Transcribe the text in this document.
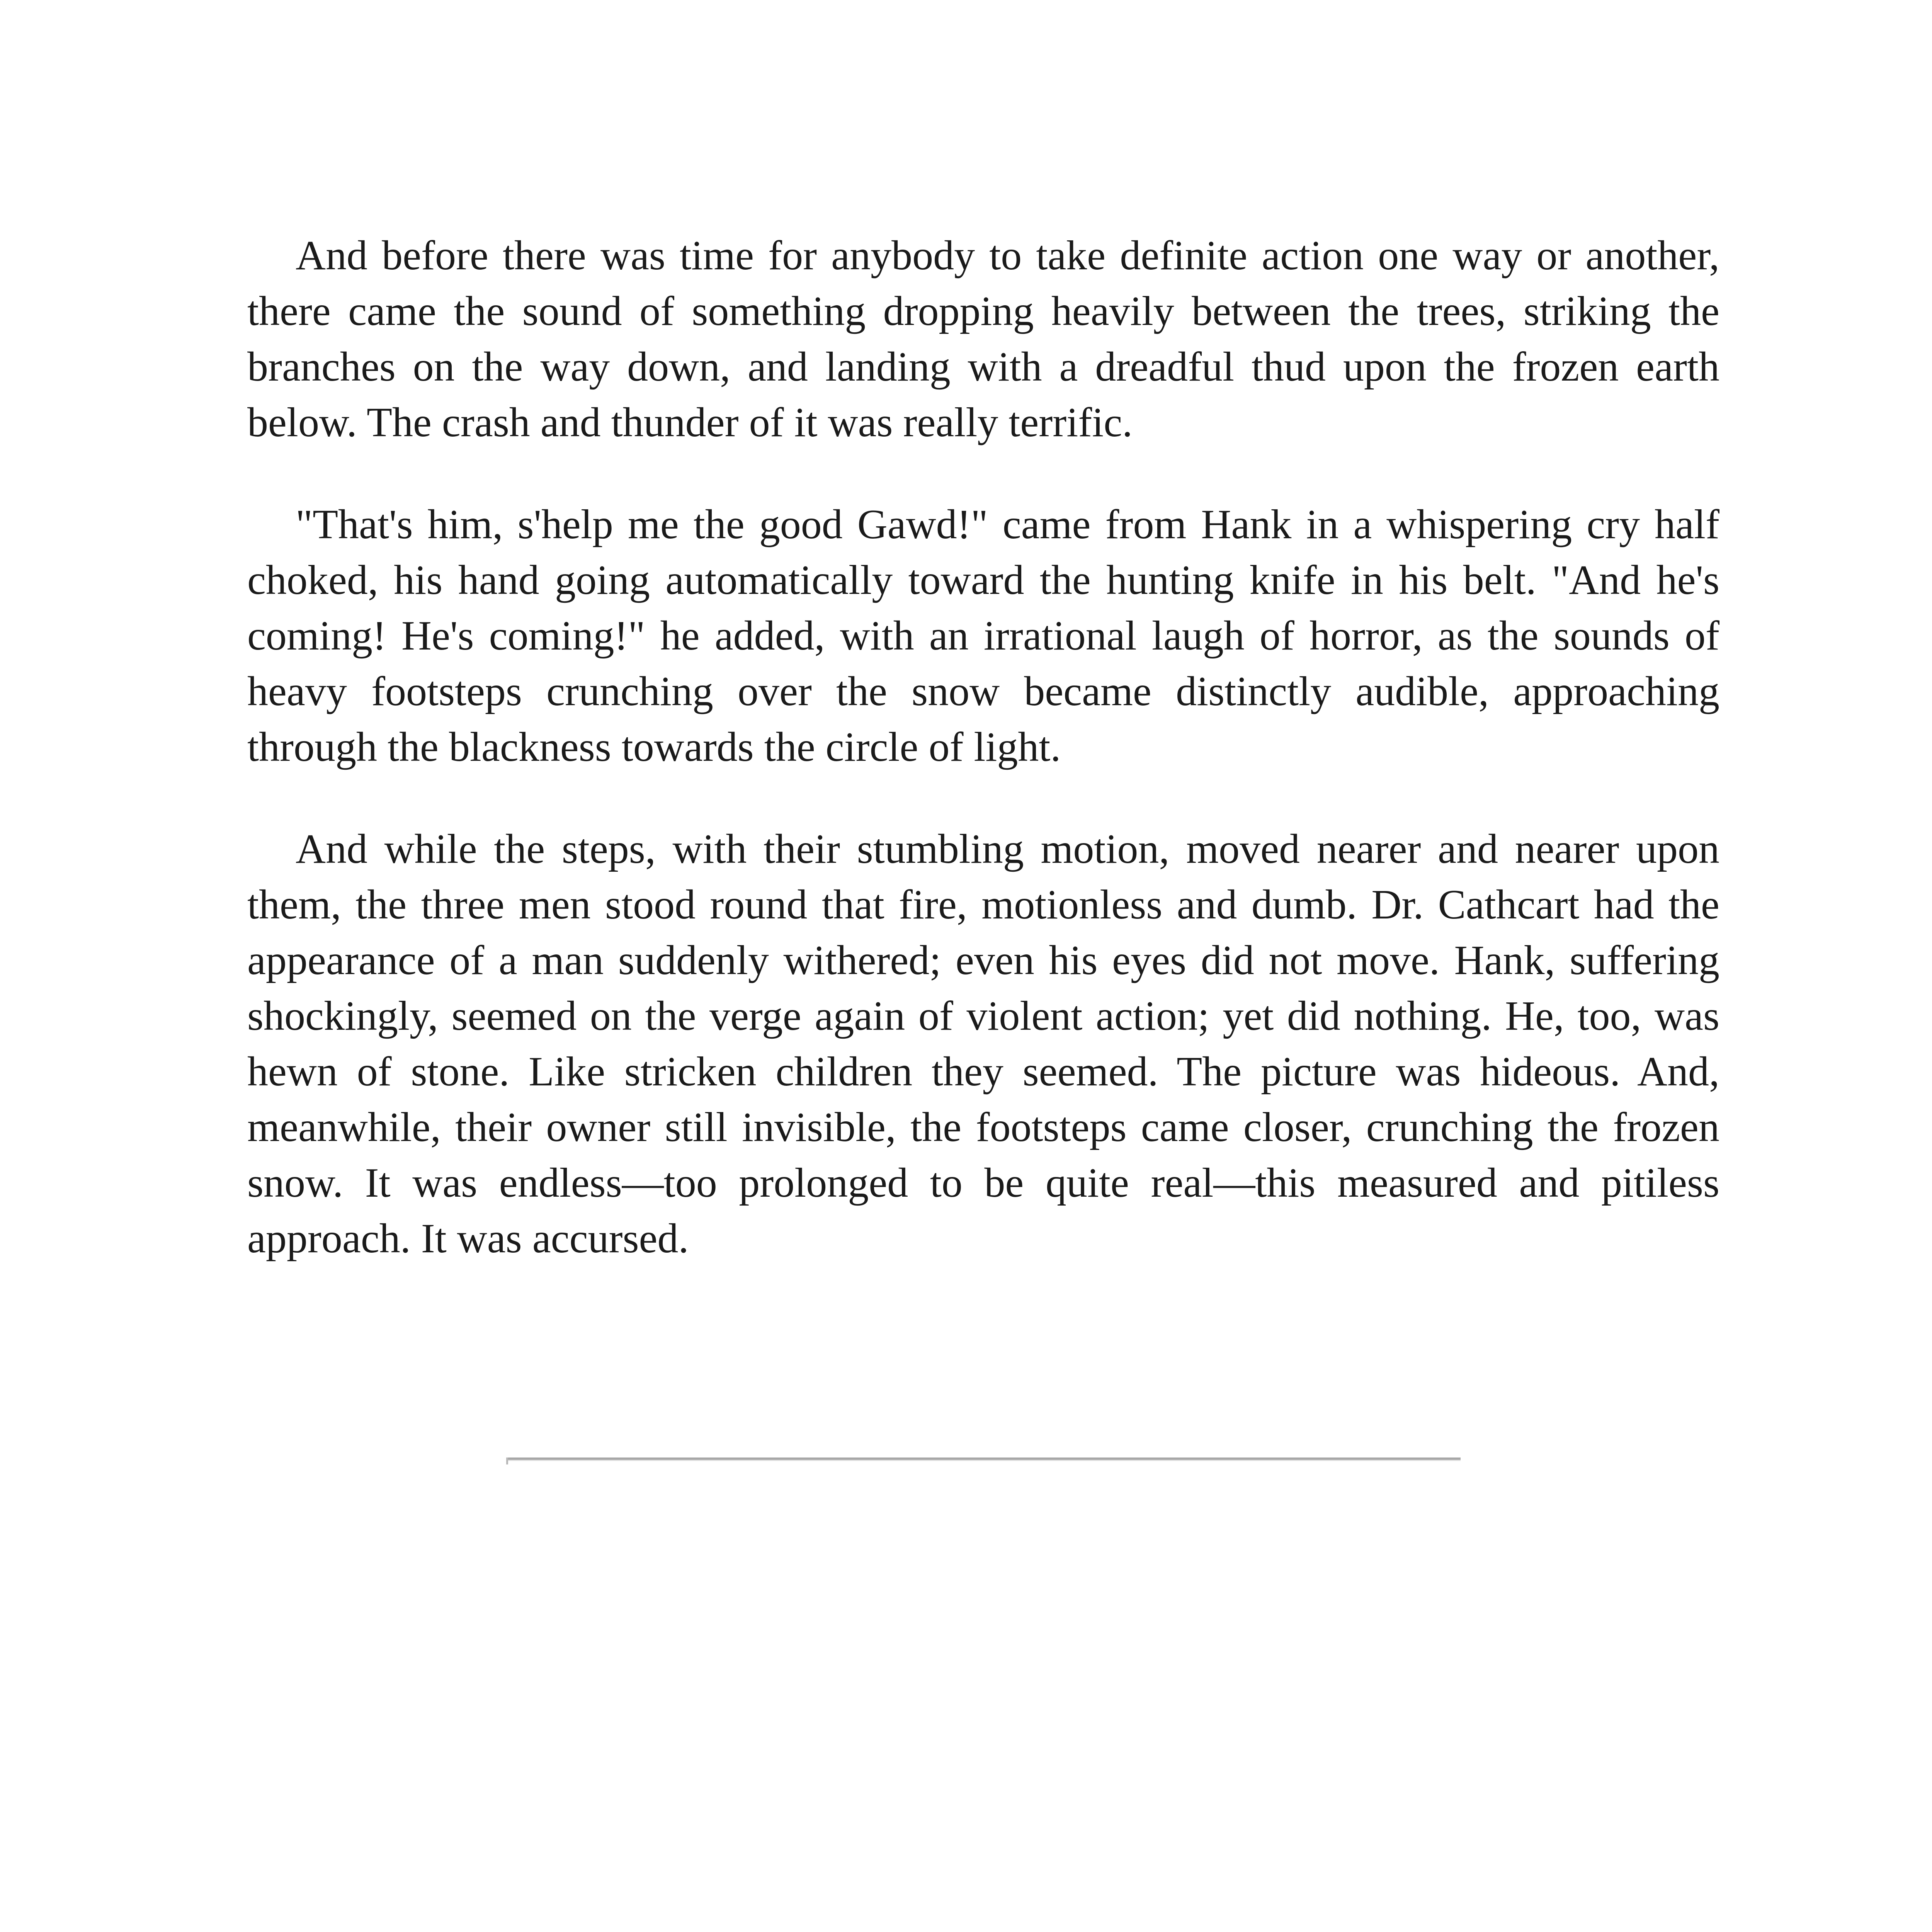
And before there was time for anybody to take definite action one way or another, there came the sound of something dropping heavily between the trees, striking the branches on the way down, and landing with a dreadful thud upon the frozen earth below. The crash and thunder of it was really terrific.

"That's him, s'help me the good Gawd!" came from Hank in a whispering cry half choked, his hand going automatically toward the hunting knife in his belt. "And he's coming! He's coming!" he added, with an irrational laugh of horror, as the sounds of heavy footsteps crunching over the snow became distinctly audible, approaching through the blackness towards the circle of light.

And while the steps, with their stumbling motion, moved nearer and nearer upon them, the three men stood round that fire, motionless and dumb. Dr. Cathcart had the appearance of a man suddenly withered; even his eyes did not move. Hank, suffering shockingly, seemed on the verge again of violent action; yet did nothing. He, too, was hewn of stone. Like stricken children they seemed. The picture was hideous. And, meanwhile, their owner still invisible, the footsteps came closer, crunching the frozen snow. It was endless—too prolonged to be quite real—this measured and pitiless approach. It was accursed.
